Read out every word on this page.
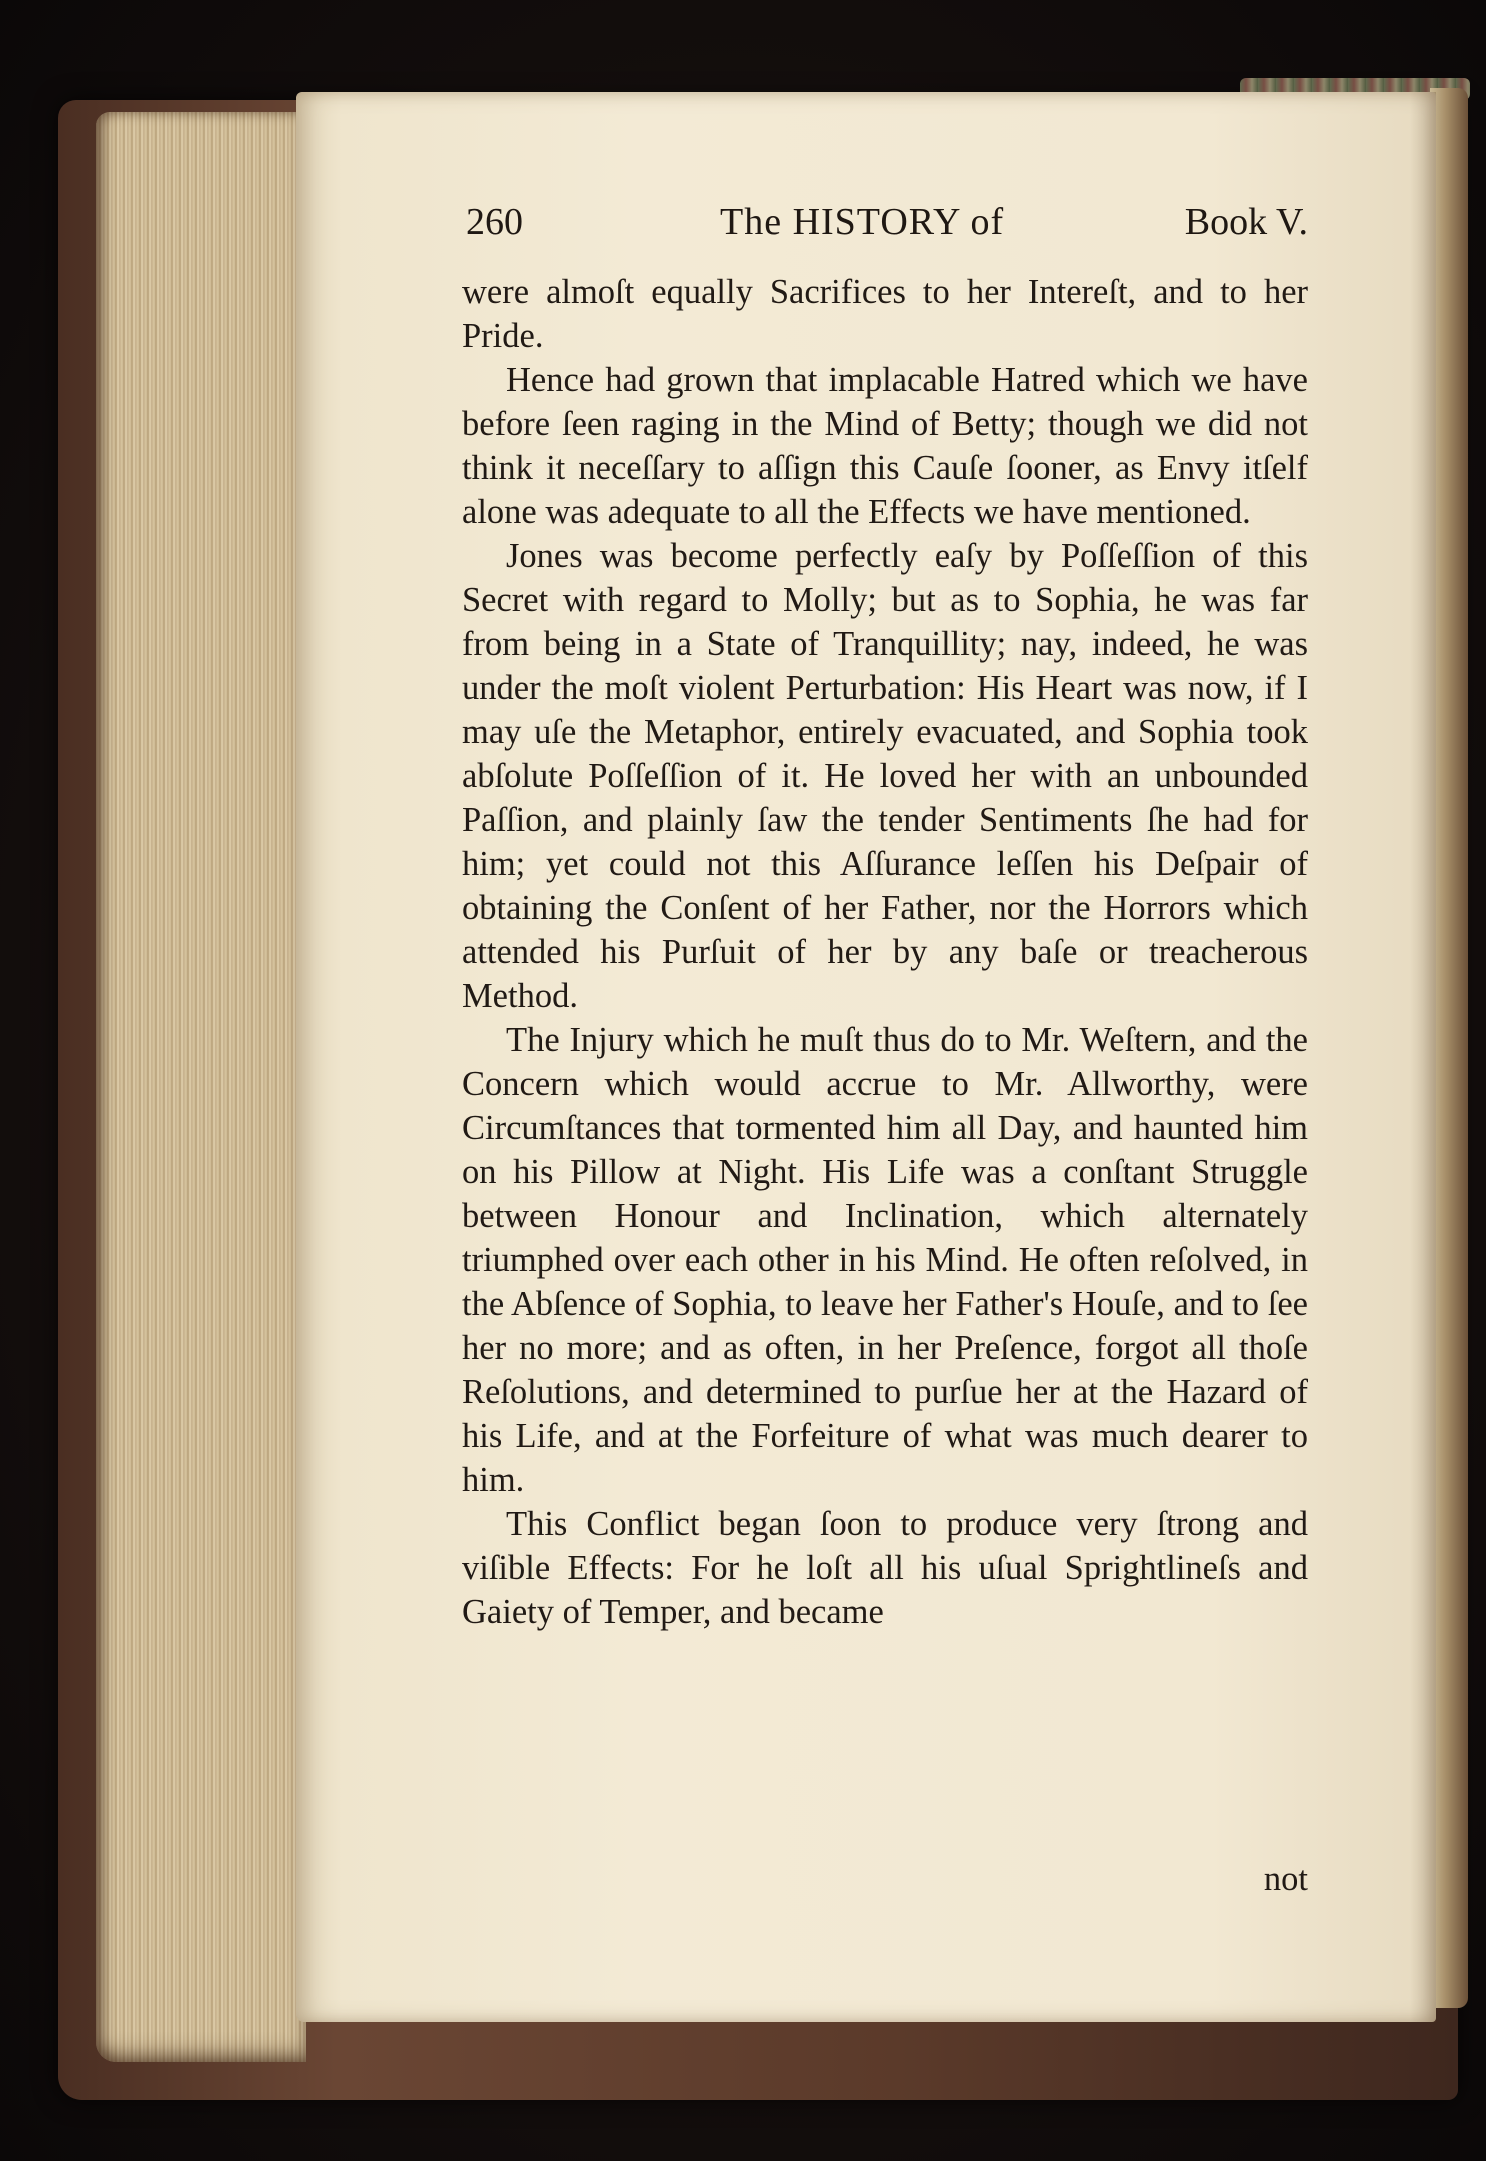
260	The HISTORY of	Book V.

were almoſt equally Sacrifices to her Intereſt, and to her Pride.

Hence had grown that implacable Hatred which we have before ſeen raging in the Mind of Betty; though we did not think it neceſſary to aſſign this Cauſe ſooner, as Envy itſelf alone was adequate to all the Effects we have mentioned.

Jones was become perfectly eaſy by Poſſeſſion of this Secret with regard to Molly; but as to Sophia, he was far from being in a State of Tranquillity; nay, indeed, he was under the moſt violent Perturbation: His Heart was now, if I may uſe the Metaphor, entirely evacuated, and Sophia took abſolute Poſſeſſion of it. He loved her with an unbounded Paſſion, and plainly ſaw the tender Sentiments ſhe had for him; yet could not this Aſſurance leſſen his Deſpair of obtaining the Conſent of her Father, nor the Horrors which attended his Purſuit of her by any baſe or treacherous Method.

The Injury which he muſt thus do to Mr. Weſtern, and the Concern which would accrue to Mr. Allworthy, were Circumſtances that tormented him all Day, and haunted him on his Pillow at Night. His Life was a conſtant Struggle between Honour and Inclination, which alternately triumphed over each other in his Mind. He often reſolved, in the Abſence of Sophia, to leave her Father's Houſe, and to ſee her no more; and as often, in her Preſence, forgot all thoſe Reſolutions, and determined to purſue her at the Hazard of his Life, and at the Forfeiture of what was much dearer to him.

This Conflict began ſoon to produce very ſtrong and viſible Effects: For he loſt all his uſual Sprightlineſs and Gaiety of Temper, and became

not
